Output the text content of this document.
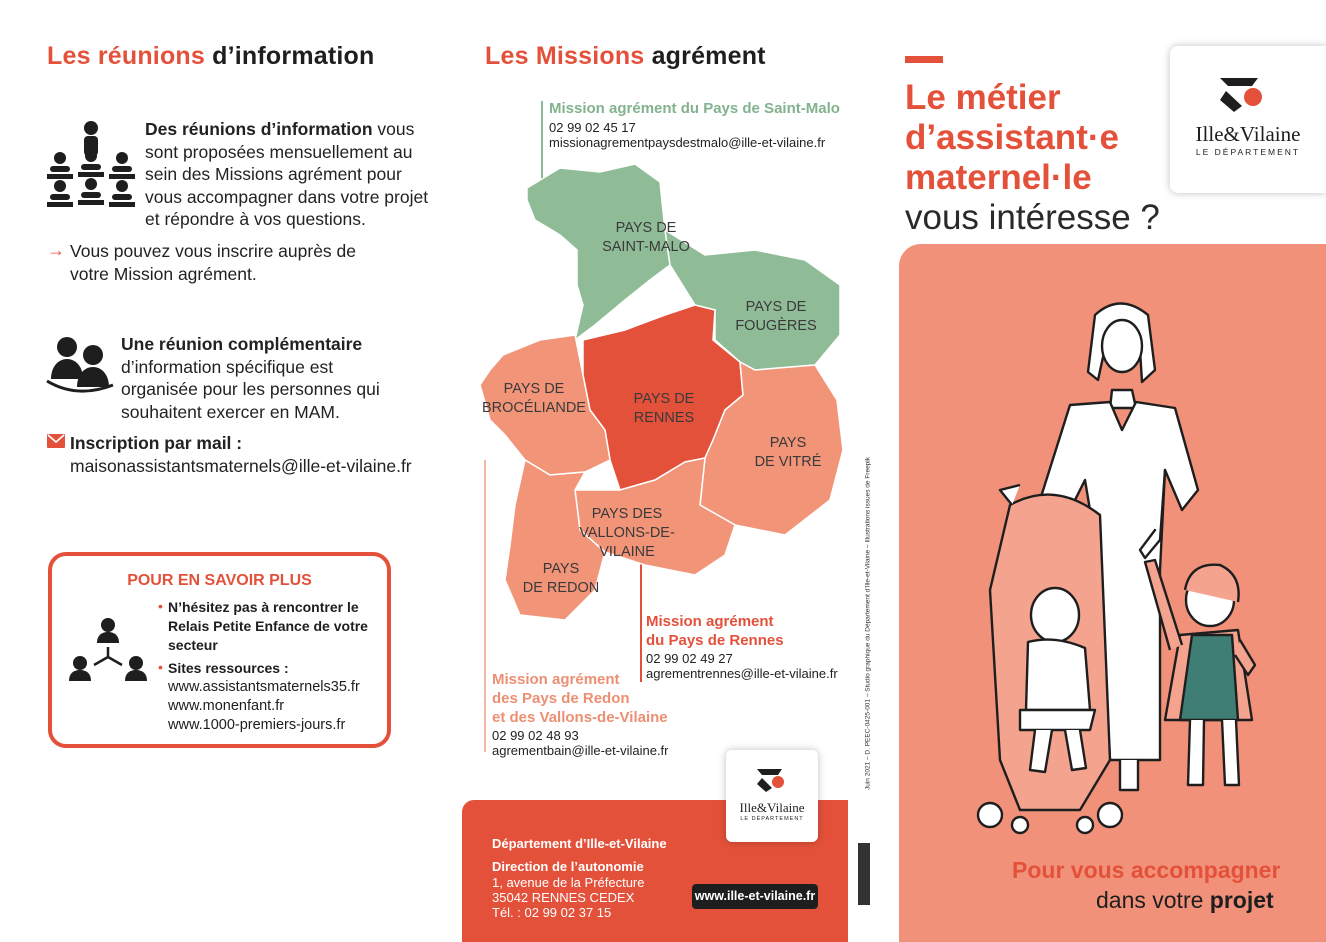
Les réunions d’information
Des réunions d’information vous sont proposées mensuellement au sein des Missions agrément pour vous accompagner dans votre projet et répondre à vos questions.
→ Vous pouvez vous inscrire auprès de votre Mission agrément.
Une réunion complémentaire d’information spécifique est organisée pour les personnes qui souhaitent exercer en MAM.
Inscription par mail :
maisonassistantsmaternels@ille-et-vilaine.fr
POUR EN SAVOIR PLUS
• N’hésitez pas à rencontrer le Relais Petite Enfance de votre secteur
• Sites ressources :
www.assistantsmaternels35.fr
www.monenfant.fr
www.1000-premiers-jours.fr
Les Missions agrément
Mission agrément du Pays de Saint-Malo
02 99 02 45 17
missionagrementpaysdestmalo@ille-et-vilaine.fr
PAYS DE
SAINT-MALO
PAYS DE
FOUGÈRES
PAYS DE
BROCÉLIANDE
PAYS DE
RENNES
PAYS
DE VITRÉ
PAYS DES
VALLONS-DE-
VILAINE
PAYS
DE REDON
Mission agrément
du Pays de Rennes
02 99 02 49 27
agrementrennes@ille-et-vilaine.fr
Mission agrément
des Pays de Redon
et des Vallons-de-Vilaine
02 99 02 48 93
agrementbain@ille-et-vilaine.fr	Juin 2021 – D. PEEC-0425-001 – Studio graphique du Département d’Ille-et-Vilaine – Illustrations issues de Freepik
Département d’Ille-et-Vilaine
Direction de l’autonomie
1, avenue de la Préfecture
35042 RENNES CEDEX
Tél. : 02 99 02 37 15
www.ille-et-vilaine.fr
Ille&Vilaine
LE DÉPARTEMENT
Le métier
d’assistant·e
maternel·le
vous intéresse ?
Ille&Vilaine
LE DÉPARTEMENT
Pour vous accompagner
dans votre projet
